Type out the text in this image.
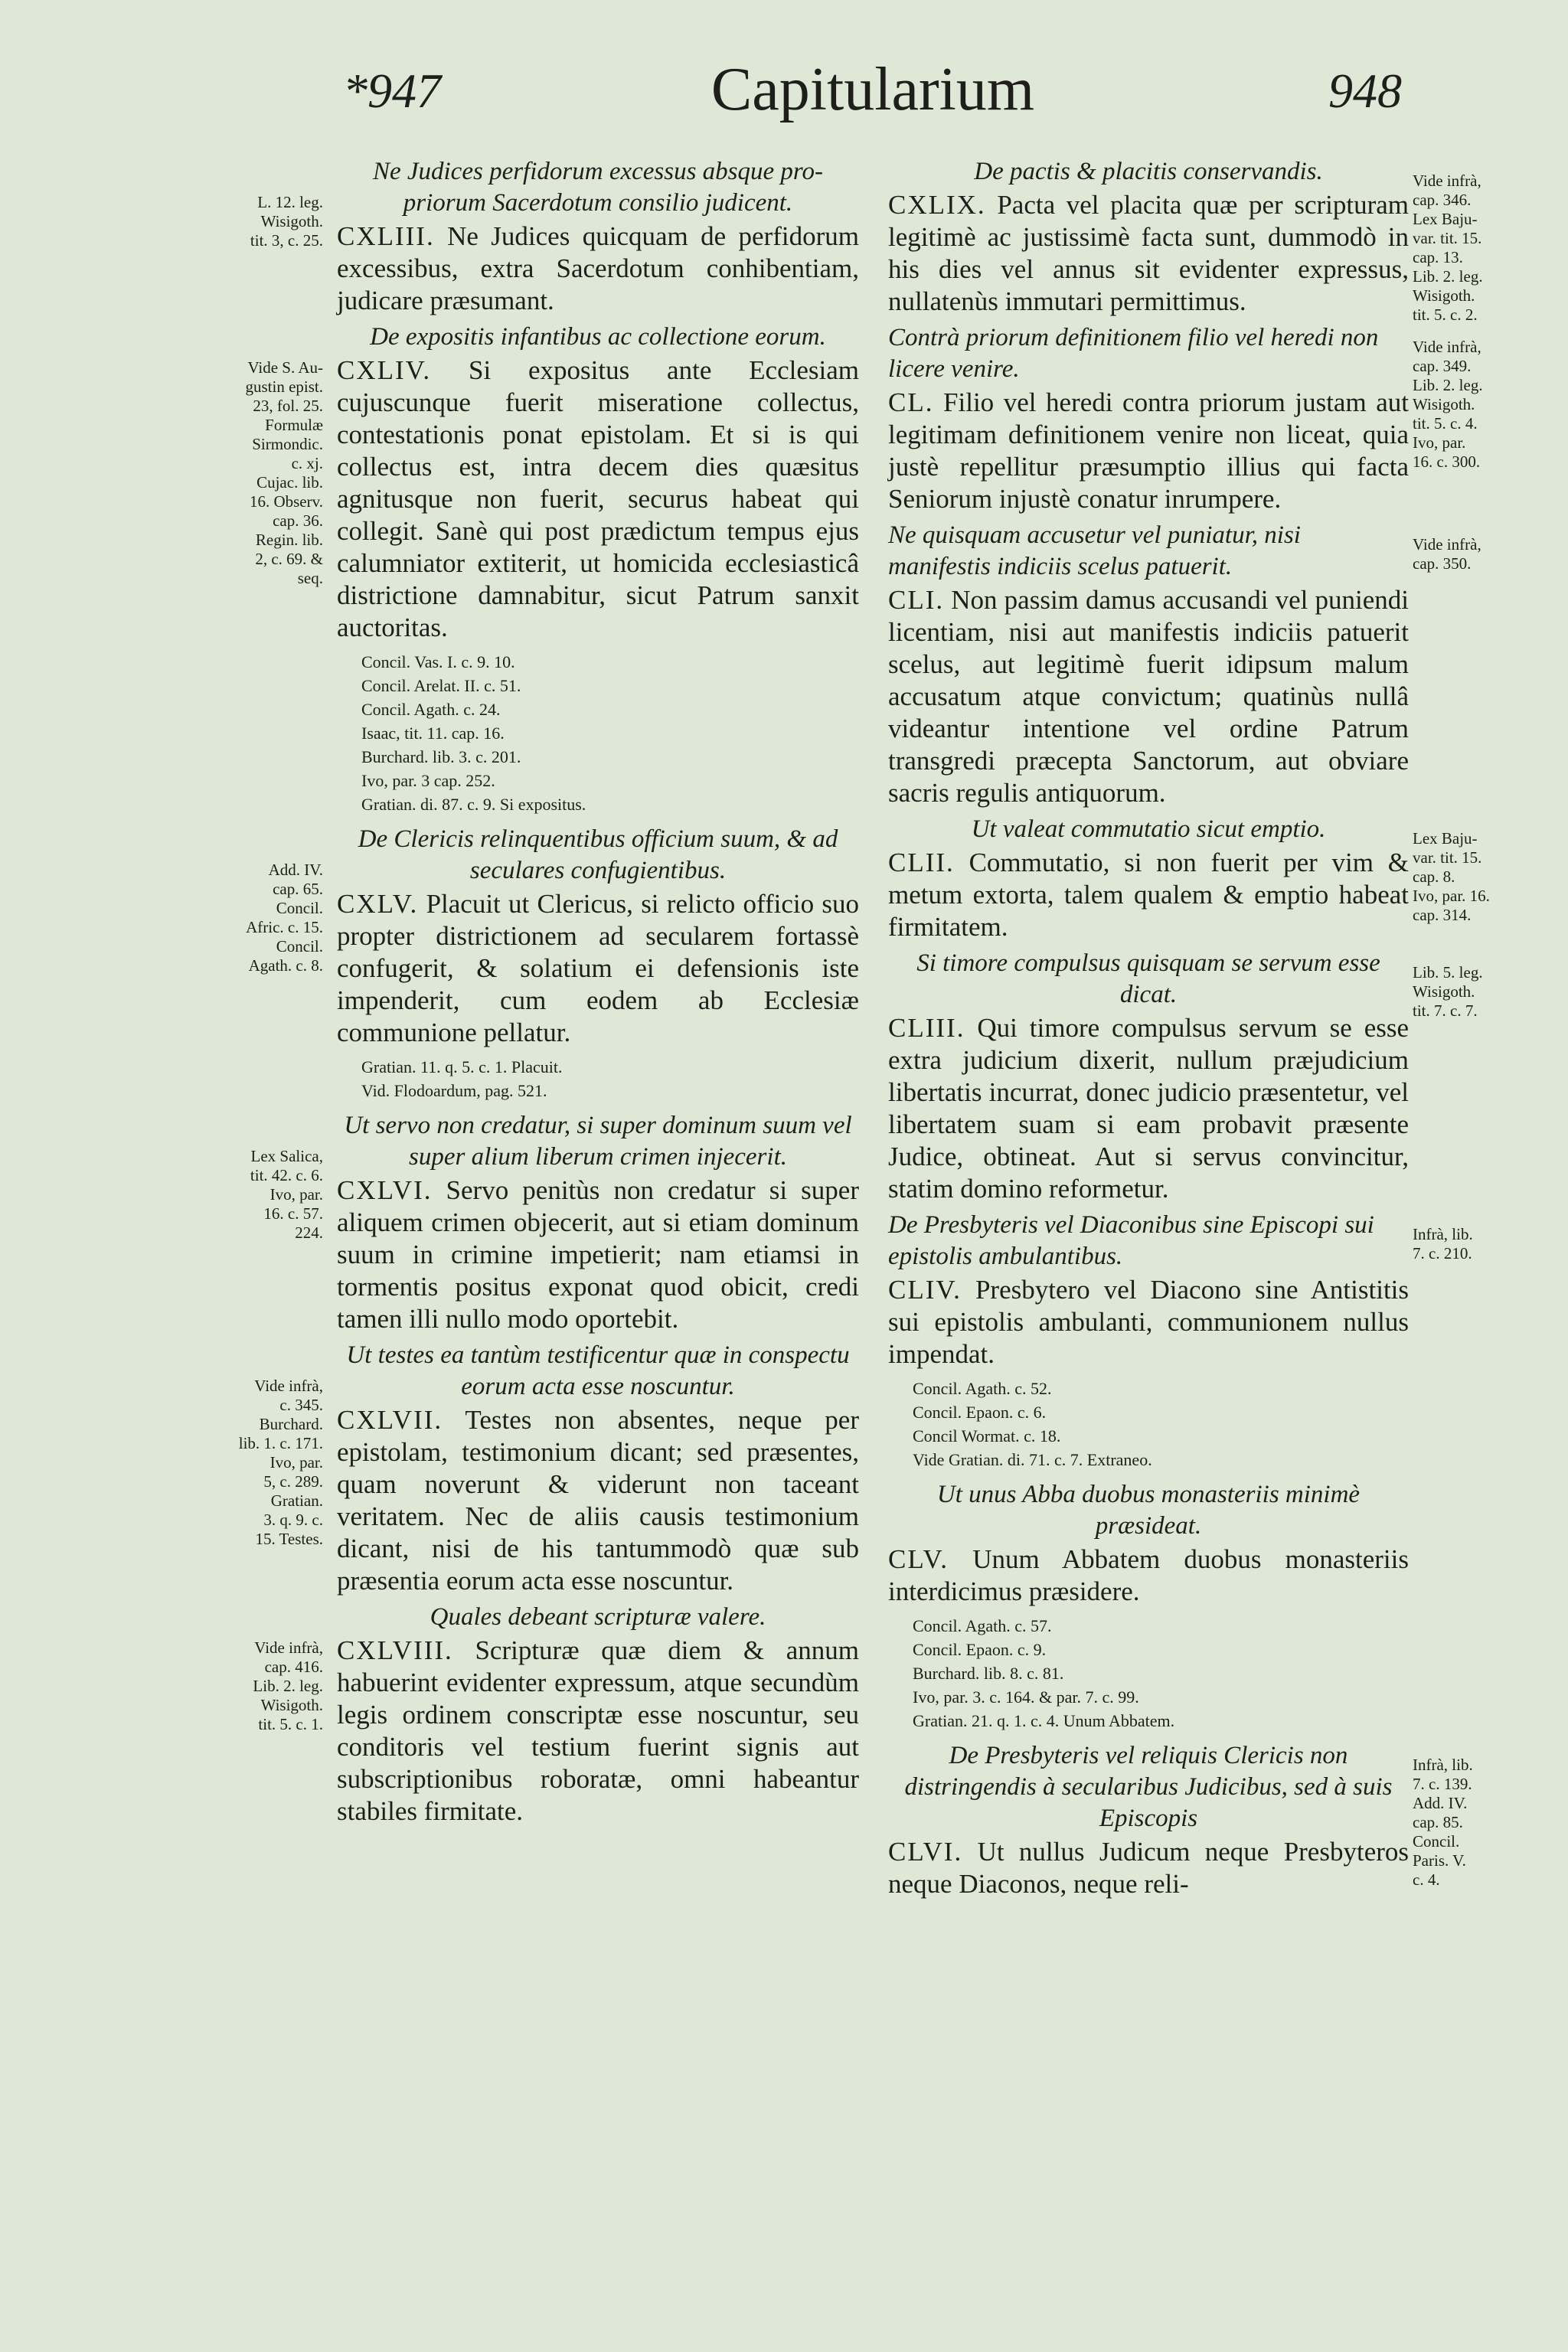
*947	Capitularium	948
Ne Judices perfidorum excessus absque pro-priorum Sacerdotum consilio judicent.

CXLIII. Ne Judices quicquam de perfidorum excessibus, extra Sacerdotum conhibentiam, judicare præsumant.

De expositis infantibus ac collectione eorum.

CXLIV. Si expositus ante Ecclesiam cujuscunque fuerit miseratione collectus, contestationis ponat epistolam. Et si is qui collectus est, intra decem dies quæsitus agnitusque non fuerit, securus habeat qui collegit. Sanè qui post prædictum tempus ejus calumniator extiterit, ut homicida ecclesiasticâ districtione damnabitur, sicut Patrum sanxit auctoritas.

Concil. Vas. I. c. 9. 10.
Concil. Arelat. II. c. 51.
Concil. Agath. c. 24.
Isaac, tit. 11. cap. 16.
Burchard. lib. 3. c. 201.
Ivo, par. 3 cap. 252.
Gratian. di. 87. c. 9. Si expositus.
De Clericis relinquentibus officium suum, & ad seculares confugientibus.

CXLV. Placuit ut Clericus, si relicto officio suo propter districtionem ad secularem fortassè confugerit, & solatium ei defensionis iste impenderit, cum eodem ab Ecclesiæ communione pellatur.

Gratian. 11. q. 5. c. 1. Placuit.
Vid. Flodoardum, pag. 521.
Ut servo non credatur, si super dominum suum vel super alium liberum crimen injecerit.

CXLVI. Servo penitùs non credatur si super aliquem crimen objecerit, aut si etiam dominum suum in crimine impetierit; nam etiamsi in tormentis positus exponat quod obicit, credi tamen illi nullo modo oportebit.

Ut testes ea tantùm testificentur quæ in conspectu eorum acta esse noscuntur.

CXLVII. Testes non absentes, neque per epistolam, testimonium dicant; sed præsentes, quam noverunt & viderunt non taceant veritatem. Nec de aliis causis testimonium dicant, nisi de his tantummodò quæ sub præsentia eorum acta esse noscuntur.

Quales debeant scripturæ valere.

CXLVIII. Scripturæ quæ diem & annum habuerint evidenter expressum, atque secundùm legis ordinem conscriptæ esse noscuntur, seu conditoris vel testium fuerint signis aut subscriptionibus roboratæ, omni habeantur stabiles firmitate.

De pactis & placitis conservandis.

CXLIX. Pacta vel placita quæ per scripturam legitimè ac justissimè facta sunt, dummodò in his dies vel annus sit evidenter expressus, nullatenùs immutari permittimus.

Contrà priorum definitionem filio vel heredi non licere venire.

CL. Filio vel heredi contra priorum justam aut legitimam definitionem venire non liceat, quia justè repellitur præsumptio illius qui facta Seniorum injustè conatur inrumpere.

Ne quisquam accusetur vel puniatur, nisi manifestis indiciis scelus patuerit.

CLI. Non passim damus accusandi vel puniendi licentiam, nisi aut manifestis indiciis patuerit scelus, aut legitimè fuerit idipsum malum accusatum atque convictum; quatinùs nullâ videantur intentione vel ordine Patrum transgredi præcepta Sanctorum, aut obviare sacris regulis antiquorum.

Ut valeat commutatio sicut emptio.

CLII. Commutatio, si non fuerit per vim & metum extorta, talem qualem & emptio habeat firmitatem.

Si timore compulsus quisquam se servum esse dicat.

CLIII. Qui timore compulsus servum se esse extra judicium dixerit, nullum præjudicium libertatis incurrat, donec judicio præsentetur, vel libertatem suam si eam probavit præsente Judice, obtineat. Aut si servus convincitur, statim domino reformetur.

De Presbyteris vel Diaconibus sine Episcopi sui epistolis ambulantibus.

CLIV. Presbytero vel Diacono sine Antistitis sui epistolis ambulanti, communionem nullus impendat.

Concil. Agath. c. 52.
Concil. Epaon. c. 6.
Concil Wormat. c. 18.
Vide Gratian. di. 71. c. 7. Extraneo.
Ut unus Abba duobus monasteriis minimè præsideat.

CLV. Unum Abbatem duobus monasteriis interdicimus præsidere.

Concil. Agath. c. 57.
Concil. Epaon. c. 9.
Burchard. lib. 8. c. 81.
Ivo, par. 3. c. 164. & par. 7. c. 99.
Gratian. 21. q. 1. c. 4. Unum Abbatem.
De Presbyteris vel reliquis Clericis non distringendis à secularibus Judicibus, sed à suis Episcopis

CLVI. Ut nullus Judicum neque Presbyteros neque Diaconos, neque reli-

L. 12. leg.
Wisigoth.
tit. 3, c. 25.
Vide S. Au-
gustin epist.
23, fol. 25.
Formulæ
Sirmondic.
c. xj.
Cujac. lib.
16. Observ.
cap. 36.
Regin. lib.
2, c. 69. &
seq.
Add. IV.
cap. 65.
Concil.
Afric. c. 15.
Concil.
Agath. c. 8.
Lex Salica,
tit. 42. c. 6.
Ivo, par.
16. c. 57.
224.
Vide infrà,
c. 345.
Burchard.
lib. 1. c. 171.
Ivo, par.
5, c. 289.
Gratian.
3. q. 9. c.
15. Testes.
Vide infrà,
cap. 416.
Lib. 2. leg.
Wisigoth.
tit. 5. c. 1.
Vide infrà,
cap. 346.
Lex Baju-
var. tit. 15.
cap. 13.
Lib. 2. leg.
Wisigoth.
tit. 5. c. 2.
Vide infrà,
cap. 349.
Lib. 2. leg.
Wisigoth.
tit. 5. c. 4.
Ivo, par.
16. c. 300.
Vide infrà,
cap. 350.
Lex Baju-
var. tit. 15.
cap. 8.
Ivo, par. 16.
cap. 314.
Lib. 5. leg.
Wisigoth.
tit. 7. c. 7.
Infrà, lib.
7. c. 210.
Infrà, lib.
7. c. 139.
Add. IV.
cap. 85.
Concil.
Paris. V.
c. 4.
